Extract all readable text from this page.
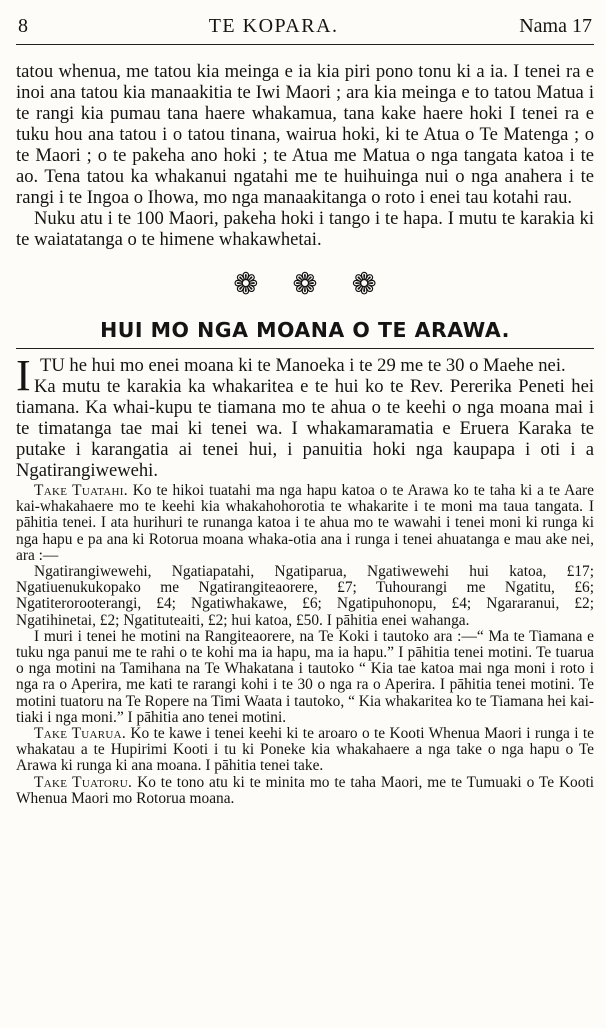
8	TE KOPARA.	Nama 17

tatou whenua, me tatou kia meinga e ia kia piri pono tonu ki a ia. I tenei ra e inoi ana tatou kia manaakitia te Iwi Maori ; ara kia meinga e to tatou Matua i te rangi kia pumau tana haere whakamua, tana kake haere hoki I tenei ra e tuku hou ana tatou i o tatou tinana, wairua hoki, ki te Atua o Te Matenga ; o te Maori ; o te pakeha ano hoki ; te Atua me Matua o nga tangata katoa i te ao. Tena tatou ka whakanui ngatahi me te huihuinga nui o nga anahera i te rangi i te Ingoa o Ihowa, mo nga manaakitanga o roto i enei tau kotahi rau.

Nuku atu i te 100 Maori, pakeha hoki i tango i te hapa. I mutu te karakia ki te waiatatanga o te himene whakawhetai.

❁ ❁ ❁
HUI MO NGA MOANA O TE ARAWA.
I TU he hui mo enei moana ki te Manoeka i te 29 me te 30 o Maehe nei.

Ka mutu te karakia ka whakaritea e te hui ko te Rev. Pererika Peneti hei tiamana. Ka whai-kupu te tiamana mo te ahua o te keehi o nga moana mai i te timatanga tae mai ki tenei wa. I whakamaramatia e Eruera Karaka te putake i karangatia ai tenei hui, i panuitia hoki nga kaupapa i oti i a Ngatirangiwewehi.

Take Tuatahi. Ko te hikoi tuatahi ma nga hapu katoa o te Arawa ko te taha ki a te Aare kai-whakahaere mo te keehi kia whakahohorotia te whakarite i te moni ma taua tangata. I pāhitia tenei. I ata hurihuri te runanga katoa i te ahua mo te wawahi i tenei moni ki runga ki nga hapu e pa ana ki Rotorua moana whaka-otia ana i runga i tenei ahuatanga e mau ake nei, ara :—

Ngatirangiwewehi, Ngatiapatahi, Ngatiparua, Ngatiwewehi hui katoa, £17; Ngatiuenukukopako me Ngatirangiteaorere, £7; Tuhourangi me Ngatitu, £6; Ngatiterorooterangi, £4; Ngatiwhakawe, £6; Ngatipuhonopu, £4; Ngararanui, £2; Ngatihinetai, £2; Ngatituteaiti, £2; hui katoa, £50. I pāhitia enei wahanga.

I muri i tenei he motini na Rangiteaorere, na Te Koki i tautoko ara :—“ Ma te Tiamana e tuku nga panui me te rahi o te kohi ma ia hapu, ma ia hapu.” I pāhitia tenei motini. Te tuarua o nga motini na Tamihana na Te Whakatana i tautoko “ Kia tae katoa mai nga moni i roto i nga ra o Aperira, me kati te rarangi kohi i te 30 o nga ra o Aperira. I pāhitia tenei motini. Te motini tuatoru na Te Ropere na Timi Waata i tautoko, “ Kia whakaritea ko te Tiamana hei kai-tiaki i nga moni.” I pāhitia ano tenei motini.

Take Tuarua. Ko te kawe i tenei keehi ki te aroaro o te Kooti Whenua Maori i runga i te whakatau a te Hupirimi Kooti i tu ki Poneke kia whakahaere a nga take o nga hapu o Te Arawa ki runga ki ana moana. I pāhitia tenei take.

Take Tuatoru. Ko te tono atu ki te minita mo te taha Maori, me te Tumuaki o Te Kooti Whenua Maori mo Rotorua moana.
